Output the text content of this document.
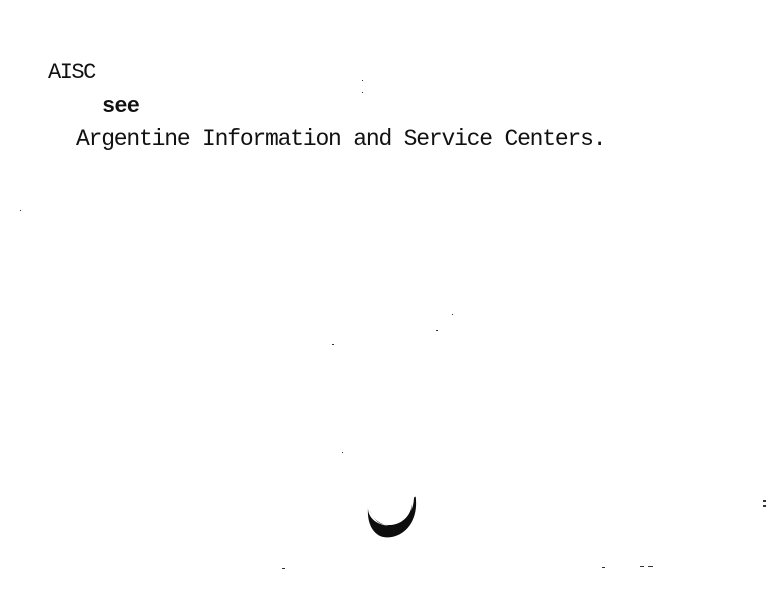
AISC
see
Argentine Information and Service Centers.
